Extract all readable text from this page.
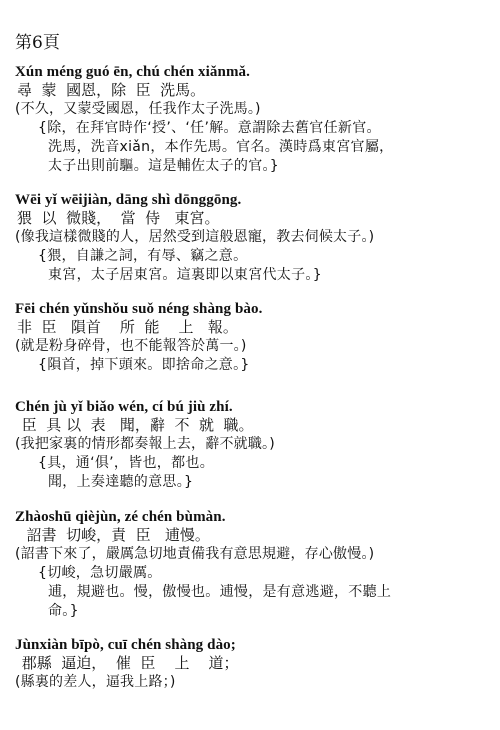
第6頁
Xún méng guó ēn, chú chén xiǎnmǎ.
尋  蒙  國恩，除  臣  洗馬。
(不久，又蒙受國恩，任我作太子洗馬。)
{除，在拜官時作‘授’、‘任’解。意謂除去舊官任新官。
洗馬，洗音xiǎn，本作先馬。官名。漢時爲東宮官屬，
太子出則前驅。這是輔佐太子的官。}
Wēi yǐ wēijiàn, dāng shì dōnggōng.
猥  以  微賤，  當  侍   東宮。
(像我這樣微賤的人，居然受到這般恩寵，教去伺候太子。)
{猥，自謙之詞，有辱、竊之意。
東宮，太子居東宮。這裏即以東宮代太子。}
Fēi chén yǔnshǒu suǒ néng shàng bào.
非  臣   隕首    所  能    上   報。
(就是粉身碎骨，也不能報答於萬一。)
{隕首，掉下頭來。即捨命之意。}
Chén jù yǐ biǎo wén, cí bú jiù zhí.
臣  具 以  表   聞，辭  不  就  職。
(我把家裏的情形都奏報上去，辭不就職。)
{具，通‘俱’，皆也，都也。
聞，上奏達聽的意思。}
Zhàoshū qièjùn, zé chén bùmàn.
詔書  切峻，責  臣   逋慢。
(詔書下來了，嚴厲急切地責備我有意思規避，存心傲慢。)
{切峻，急切嚴厲。
逋，規避也。慢，傲慢也。逋慢，是有意逃避，不聽上
命。}
Jùnxiàn bīpò, cuī chén shàng dào;
郡縣  逼迫，  催  臣    上    道；
(縣裏的差人，逼我上路；)
